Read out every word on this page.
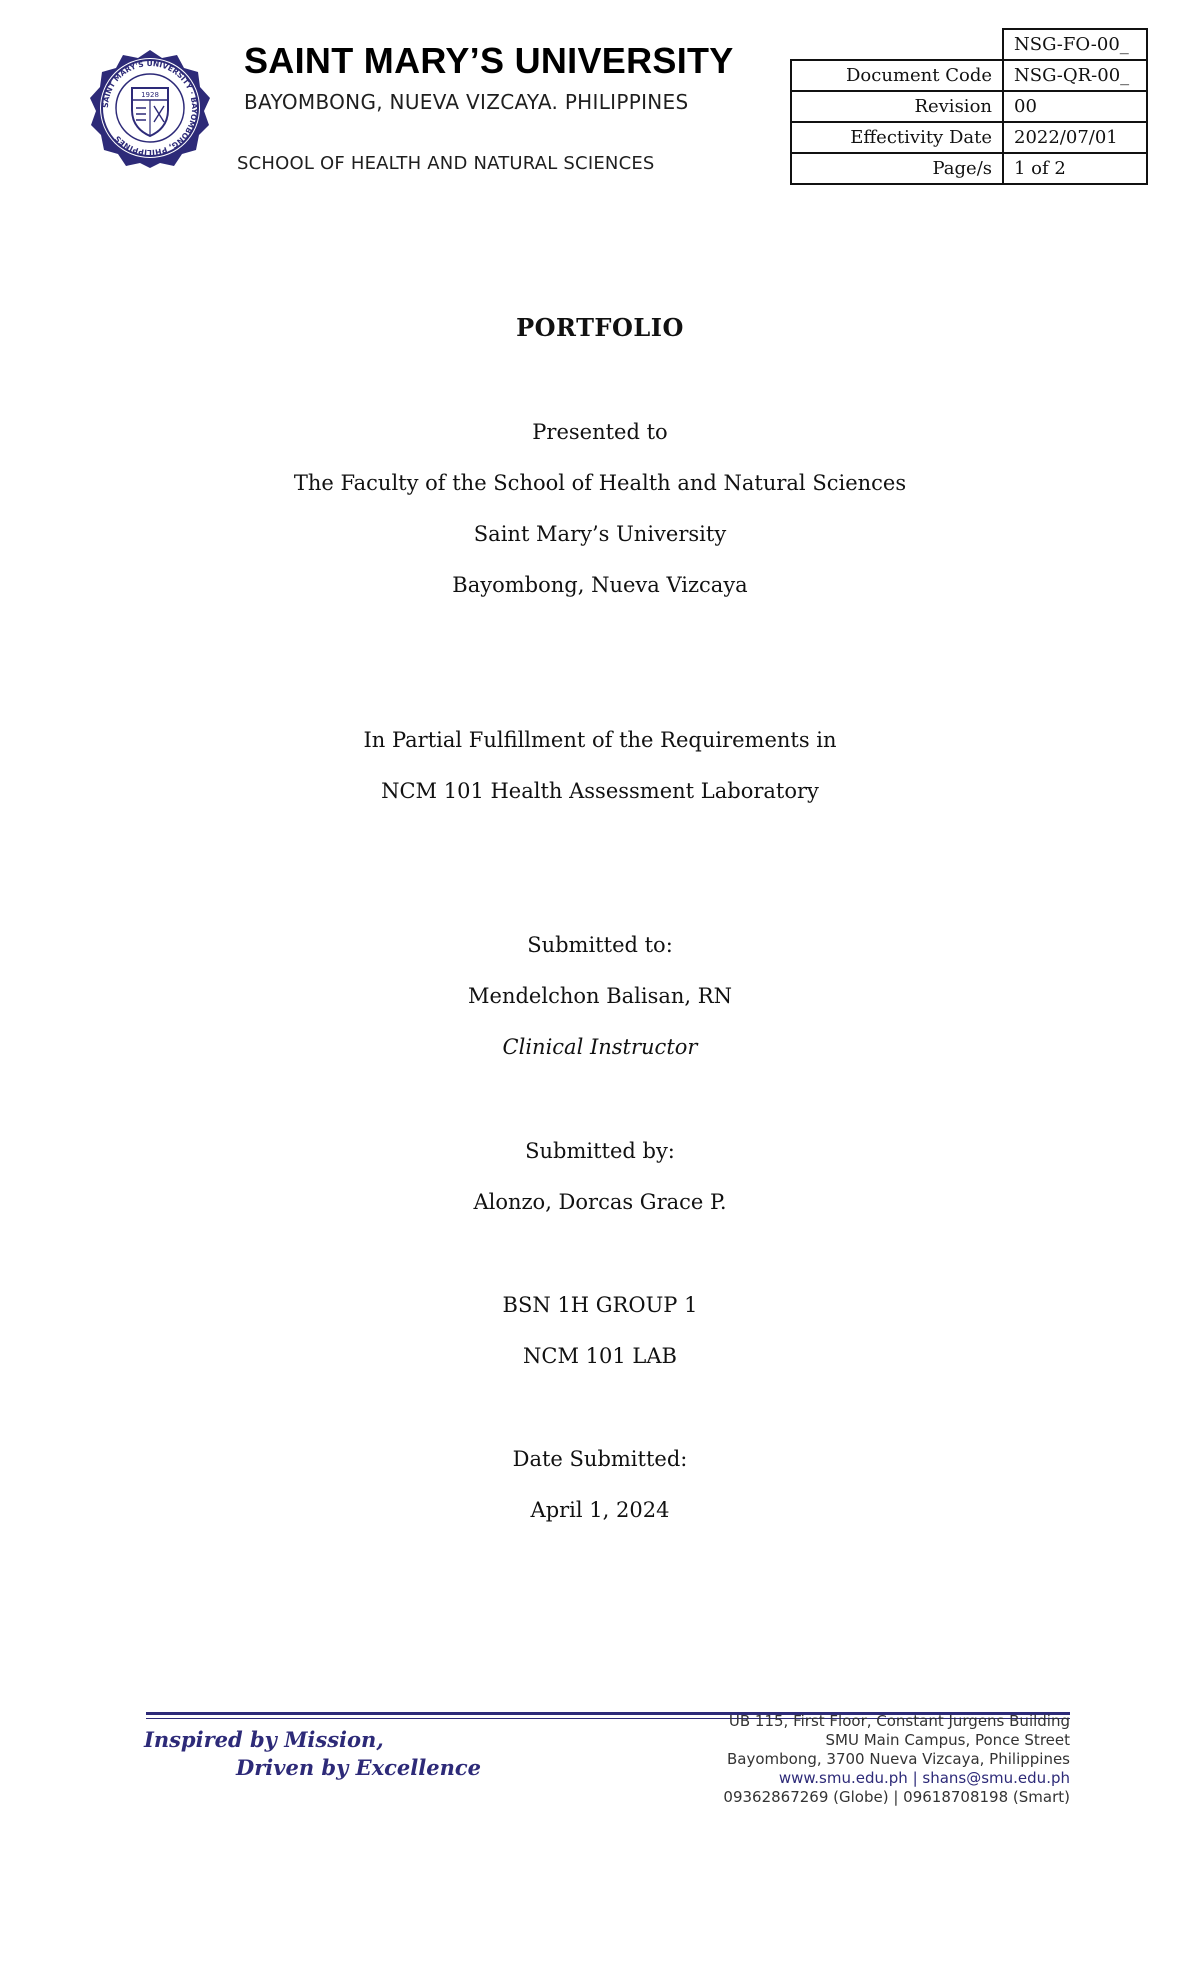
SAINT MARY'S UNIVERSITY · BAYOMBONG, PHILIPPINES
1928
SAINT MARY’S UNIVERSITY
BAYOMBONG, NUEVA VIZCAYA. PHILIPPINES
SCHOOL OF HEALTH AND NATURAL SCIENCES
	NSG-FO-00_
Document Code	NSG-QR-00_
Revision	00
Effectivity Date	2022/07/01
Page/s	1 of 2
PORTFOLIO
Presented to
The Faculty of the School of Health and Natural Sciences
Saint Mary’s University
Bayombong, Nueva Vizcaya
In Partial Fulfillment of the Requirements in
NCM 101 Health Assessment Laboratory
Submitted to:
Mendelchon Balisan, RN
Clinical Instructor
Submitted by:
Alonzo, Dorcas Grace P.
BSN 1H GROUP 1
NCM 101 LAB
Date Submitted:
April 1, 2024
Inspired by Mission,
Driven by Excellence
UB 115, First Floor, Constant Jurgens Building
SMU Main Campus, Ponce Street
Bayombong, 3700 Nueva Vizcaya, Philippines
www.smu.edu.ph | shans@smu.edu.ph
09362867269 (Globe) | 09618708198 (Smart)
